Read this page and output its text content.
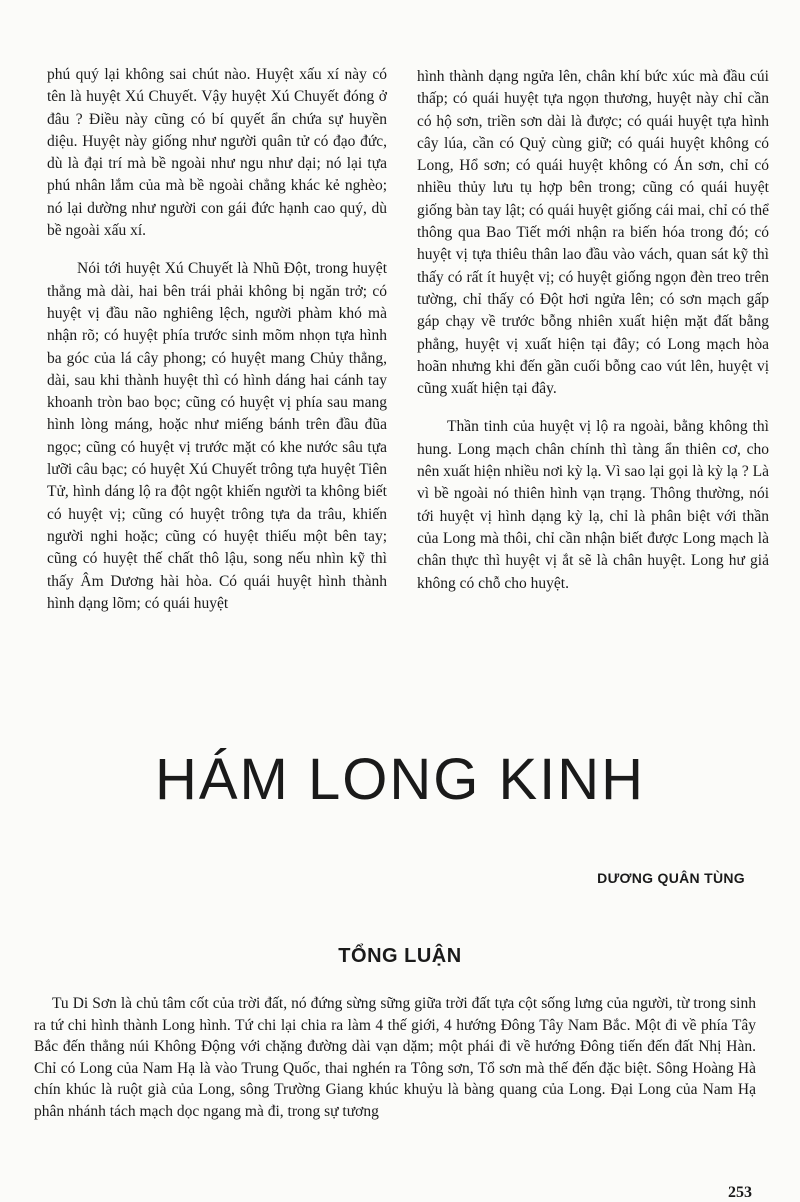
phú quý lại không sai chút nào. Huyệt xấu xí này có tên là huyệt Xú Chuyết. Vậy huyệt Xú Chuyết đóng ở đâu ? Điều này cũng có bí quyết ẩn chứa sự huyền diệu. Huyệt này giống như người quân tử có đạo đức, dù là đại trí mà bề ngoài như ngu như dại; nó lại tựa phú nhân lắm của mà bề ngoài chẳng khác kẻ nghèo; nó lại dường như người con gái đức hạnh cao quý, dù bề ngoài xấu xí.

Nói tới huyệt Xú Chuyết là Nhũ Đột, trong huyệt thẳng mà dài, hai bên trái phải không bị ngăn trở; có huyệt vị đầu não nghiêng lệch, người phàm khó mà nhận rõ; có huyệt phía trước sinh mõm nhọn tựa hình ba góc của lá cây phong; có huyệt mang Chủy thẳng, dài, sau khi thành huyệt thì có hình dáng hai cánh tay khoanh tròn bao bọc; cũng có huyệt vị phía sau mang hình lòng máng, hoặc như miếng bánh trên đầu đũa ngọc; cũng có huyệt vị trước mặt có khe nước sâu tựa lưỡi câu bạc; có huyệt Xú Chuyết trông tựa huyệt Tiên Tử, hình dáng lộ ra đột ngột khiến người ta không biết có huyệt vị; cũng có huyệt trông tựa da trâu, khiến người nghi hoặc; cũng có huyệt thiếu một bên tay; cũng có huyệt thế chất thô lậu, song nếu nhìn kỹ thì thấy Âm Dương hài hòa. Có quái huyệt hình thành hình dạng lõm; có quái huyệt

hình thành dạng ngửa lên, chân khí bức xúc mà đầu cúi thấp; có quái huyệt tựa ngọn thương, huyệt này chỉ cần có hộ sơn, triền sơn dài là được; có quái huyệt tựa hình cây lúa, cần có Quỷ cùng giữ; có quái huyệt không có Long, Hổ sơn; có quái huyệt không có Án sơn, chỉ có nhiều thủy lưu tụ hợp bên trong; cũng có quái huyệt giống bàn tay lật; có quái huyệt giống cái mai, chỉ có thể thông qua Bao Tiết mới nhận ra biến hóa trong đó; có huyệt vị tựa thiêu thân lao đầu vào vách, quan sát kỹ thì thấy có rất ít huyệt vị; có huyệt giống ngọn đèn treo trên tường, chỉ thấy có Đột hơi ngửa lên; có sơn mạch gấp gáp chạy về trước bỗng nhiên xuất hiện mặt đất bằng phẳng, huyệt vị xuất hiện tại đây; có Long mạch hòa hoãn nhưng khi đến gần cuối bỗng cao vút lên, huyệt vị cũng xuất hiện tại đây.

Thần tinh của huyệt vị lộ ra ngoài, bằng không thì hung. Long mạch chân chính thì tàng ẩn thiên cơ, cho nên xuất hiện nhiều nơi kỳ lạ. Vì sao lại gọi là kỳ lạ ? Là vì bề ngoài nó thiên hình vạn trạng. Thông thường, nói tới huyệt vị hình dạng kỳ lạ, chỉ là phân biệt với thần của Long mà thôi, chỉ cần nhận biết được Long mạch là chân thực thì huyệt vị ắt sẽ là chân huyệt. Long hư giả không có chỗ cho huyệt.

HÁM LONG KINH
DƯƠNG QUÂN TÙNG
TỔNG LUẬN

Tu Di Sơn là chủ tâm cốt của trời đất, nó đứng sừng sững giữa trời đất tựa cột sống lưng của người, từ trong sinh ra tứ chi hình thành Long hình. Tứ chi lại chia ra làm 4 thế giới, 4 hướng Đông Tây Nam Bắc. Một đi về phía Tây Bắc đến thẳng núi Không Động với chặng đường dài vạn dặm; một phái đi về hướng Đông tiến đến đất Nhị Hàn. Chỉ có Long của Nam Hạ là vào Trung Quốc, thai nghén ra Tông sơn, Tổ sơn mà thế đến đặc biệt. Sông Hoàng Hà chín khúc là ruột già của Long, sông Trường Giang khúc khuỷu là bàng quang của Long. Đại Long của Nam Hạ phân nhánh tách mạch dọc ngang mà đi, trong sự tương

253
